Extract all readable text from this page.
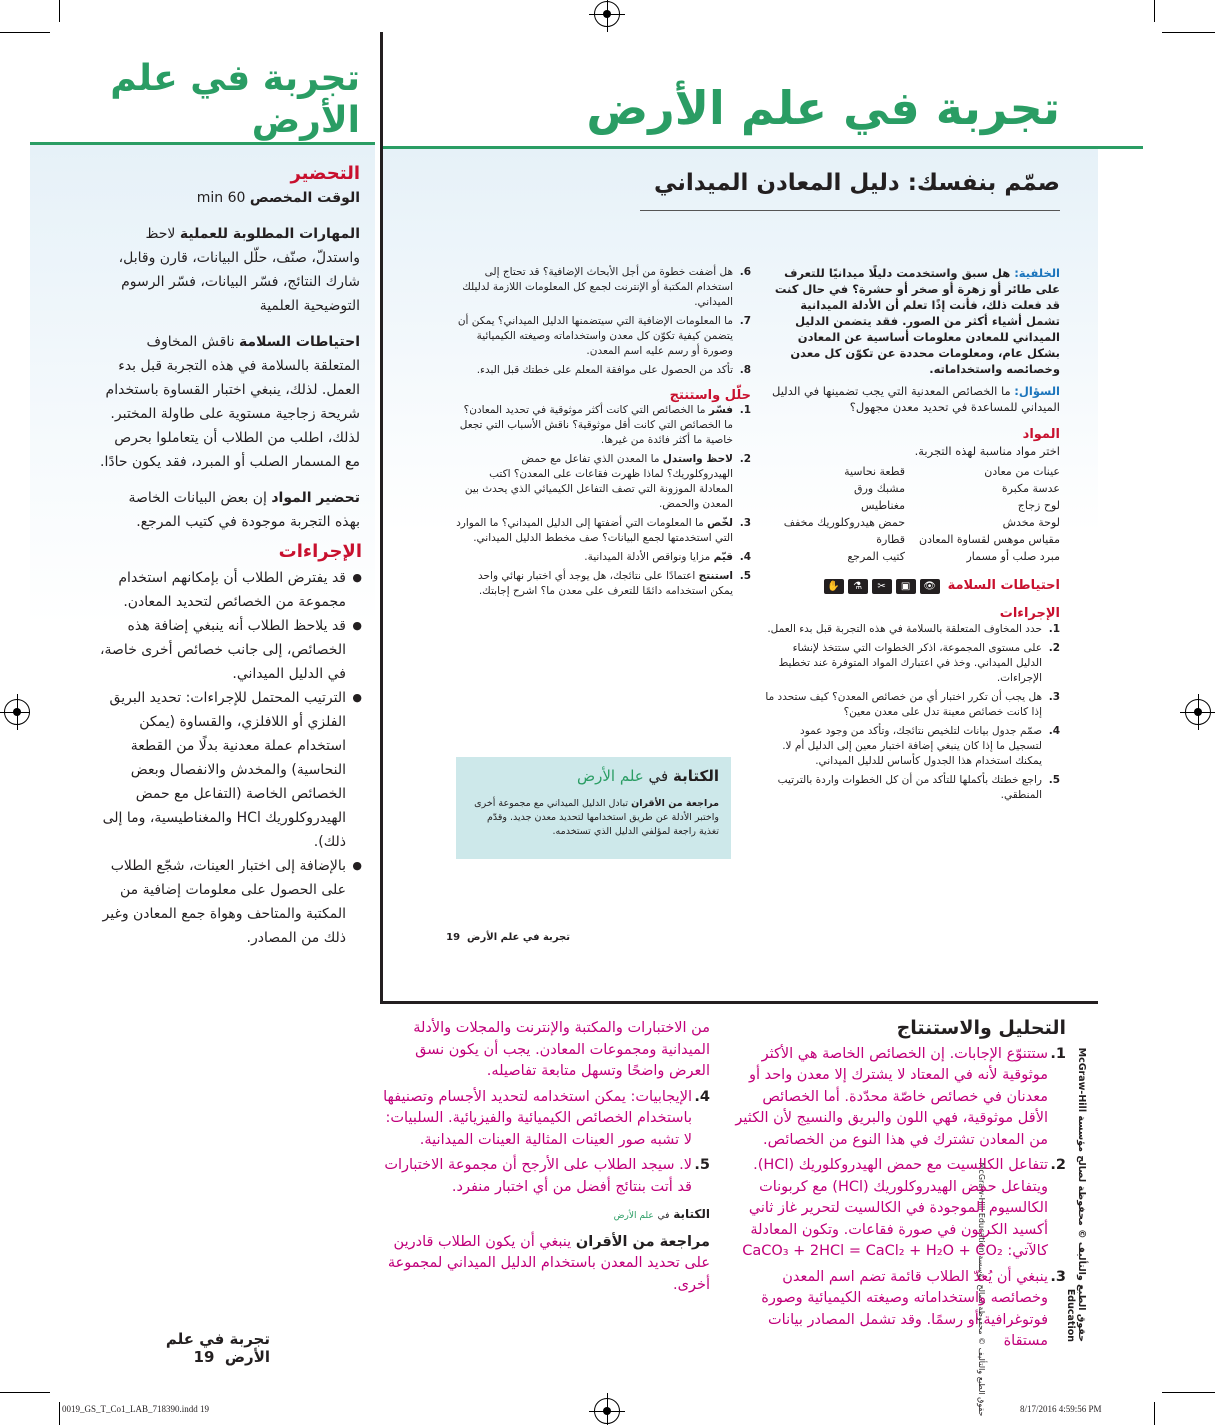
تجربة في علم الأرض
التحضير

الوقت المخصص 60 min

المهارات المطلوبة للعملية لاحظ واستدلّ، صنّف، حلّل البيانات، قارن وقابل، شارك النتائج، فسّر البيانات، فسّر الرسوم التوضيحية العلمية

احتياطات السلامة ناقش المخاوف المتعلقة بالسلامة في هذه التجربة قبل بدء العمل. لذلك، ينبغي اختبار القساوة باستخدام شريحة زجاجية مستوية على طاولة المختبر. لذلك، اطلب من الطلاب أن يتعاملوا بحرص مع المسمار الصلب أو المبرد، فقد يكون حادًا.

تحضير المواد إن بعض البيانات الخاصة بهذه التجربة موجودة في كتيب المرجع.

الإجراءات
● قد يفترض الطلاب أن بإمكانهم استخدام مجموعة من الخصائص لتحديد المعادن.
● قد يلاحظ الطلاب أنه ينبغي إضافة هذه الخصائص، إلى جانب خصائص أخرى خاصة، في الدليل الميداني.
● الترتيب المحتمل للإجراءات: تحديد البريق الفلزي أو اللافلزي، والقساوة (يمكن استخدام عملة معدنية بدلًا من القطعة النحاسية) والمخدش والانفصال وبعض الخصائص الخاصة (التفاعل مع حمض الهيدروكلوريك HCl والمغناطيسية، وما إلى ذلك).
● بالإضافة إلى اختبار العينات، شجّع الطلاب على الحصول على معلومات إضافية من المكتبة والمتاحف وهواة جمع المعادن وغير ذلك من المصادر.
تجربة في علم الأرض
صمّم بنفسك: دليل المعادن الميداني

الخلفية: هل سبق واستخدمت دليلًا ميدانيًا للتعرف على طائر أو زهرة أو صخر أو حشرة؟ في حال كنت قد فعلت ذلك، فأنت إذًا تعلم أن الأدلة الميدانية تشمل أشياء أكثر من الصور. فقد يتضمن الدليل الميداني للمعادن معلومات أساسية عن المعادن بشكل عام، ومعلومات محددة عن تكوّن كل معدن وخصائصه واستخداماته.

السؤال: ما الخصائص المعدنية التي يجب تضمينها في الدليل الميداني للمساعدة في تحديد معدن مجهول؟

المواد
اختر مواد مناسبة لهذه التجربة.
عينات من معادن
عدسة مكبرة
لوح زجاج
لوحة مخدش
مقياس موهس لقساوة المعادن
مبرد صلب أو مسمار
قطعة نحاسية
مشبك ورق
مغناطيس
حمض هيدروكلوريك مخفف
قطارة
كتيب المرجع
احتياطات السلامة
👁▣✂⚗✋
الإجراءات
1.
حدد المخاوف المتعلقة بالسلامة في هذه التجربة قبل بدء العمل.
2.
على مستوى المجموعة، اذكر الخطوات التي ستتخذ لإنشاء الدليل الميداني. وخذ في اعتبارك المواد المتوفرة عند تخطيط الإجراءات.
3.
هل يجب أن تكرر اختبار أي من خصائص المعدن؟ كيف ستحدد ما إذا كانت خصائص معينة تدل على معدن معين؟
4.
صمّم جدول بيانات لتلخيص نتائجك، وتأكد من وجود عمود لتسجيل ما إذا كان ينبغي إضافة اختبار معين إلى الدليل أم لا. يمكنك استخدام هذا الجدول كأساس للدليل الميداني.
5.
راجع خطتك بأكملها للتأكد من أن كل الخطوات واردة بالترتيب المنطقي.
6.
هل أضفت خطوة من أجل الأبحاث الإضافية؟ قد تحتاج إلى استخدام المكتبة أو الإنترنت لجمع كل المعلومات اللازمة لدليلك الميداني.
7.
ما المعلومات الإضافية التي سيتضمنها الدليل الميداني؟ يمكن أن يتضمن كيفية تكوّن كل معدن واستخداماته وصيغته الكيميائية وصورة أو رسم عليه اسم المعدن.
8.
تأكد من الحصول على موافقة المعلم على خطتك قبل البدء.
حلّل واستنتج
1.
فسّر ما الخصائص التي كانت أكثر موثوقية في تحديد المعادن؟ ما الخصائص التي كانت أقل موثوقية؟ ناقش الأسباب التي تجعل خاصية ما أكثر فائدة من غيرها.
2.
لاحظ واستدل ما المعدن الذي تفاعل مع حمض الهيدروكلوريك؟ لماذا ظهرت فقاعات على المعدن؟ اكتب المعادلة الموزونة التي تصف التفاعل الكيميائي الذي يحدث بين المعدن والحمض.
3.
لخّص ما المعلومات التي أضفتها إلى الدليل الميداني؟ ما الموارد التي استخدمتها لجمع البيانات؟ صف مخطط الدليل الميداني.
4.
قيّم مزايا ونواقص الأدلة الميدانية.
5.
استنتج اعتمادًا على نتائجك، هل يوجد أي اختبار نهائي واحد يمكن استخدامه دائمًا للتعرف على معدن ما؟ اشرح إجابتك.
الكتابة في علم الأرض
مراجعة من الأقران تبادل الدليل الميداني مع مجموعة أخرى واختبر الأدلة عن طريق استخدامها لتحديد معدن جديد. وقدّم تغذية راجعة لمؤلفي الدليل الذي تستخدمه.
تجربة في علم الأرض  19
حقوق الطبع والتأليف © محفوظة لصالح مؤسسة McGraw-Hill Education
التحليل والاستنتاج
1.
ستتنوّع الإجابات. إن الخصائص الخاصة هي الأكثر موثوقية لأنه في المعتاد لا يشترك إلا معدن واحد أو معدنان في خصائص خاصّة محدّدة. أما الخصائص الأقل موثوقية، فهي اللون والبريق والنسيج لأن الكثير من المعادن تشترك في هذا النوع من الخصائص.
2.
تتفاعل الكالسيت مع حمض الهيدروكلوريك (HCl). ويتفاعل حمض الهيدروكلوريك (HCl) مع كربونات الكالسيوم الموجودة في الكالسيت لتحرير غاز ثاني أكسيد الكربون في صورة فقاعات. وتكون المعادلة كالآتي: CaCO₃ + 2HCl = CaCl₂ + H₂O + CO₂
3.
ينبغي أن يُعدّ الطلاب قائمة تضم اسم المعدن وخصائصه واستخداماته وصيغته الكيميائية وصورة فوتوغرافية أو رسمًا. وقد تشمل المصادر بيانات مستقاة
من الاختبارات والمكتبة والإنترنت والمجلات والأدلة الميدانية ومجموعات المعادن. يجب أن يكون نسق العرض واضحًا وتسهل متابعة تفاصيله.
4.
الإيجابيات: يمكن استخدامه لتحديد الأجسام وتصنيفها باستخدام الخصائص الكيميائية والفيزيائية. السلبيات: لا تشبه صور العينات المثالية العينات الميدانية.
5.
لا. سيجد الطلاب على الأرجح أن مجموعة الاختبارات قد أتت بنتائج أفضل من أي اختبار منفرد.
الكتابة في علم الأرض
مراجعة من الأقران ينبغي أن يكون الطلاب قادرين على تحديد المعدن باستخدام الدليل الميداني لمجموعة أخرى.
حقوق الطبع والتأليف © محفوظة لصالح مؤسسة McGraw-Hill Education
تجربة في علم الأرض  19
0019_GS_T_Co1_LAB_718390.indd 19	8/17/2016 4:59:56 PM
